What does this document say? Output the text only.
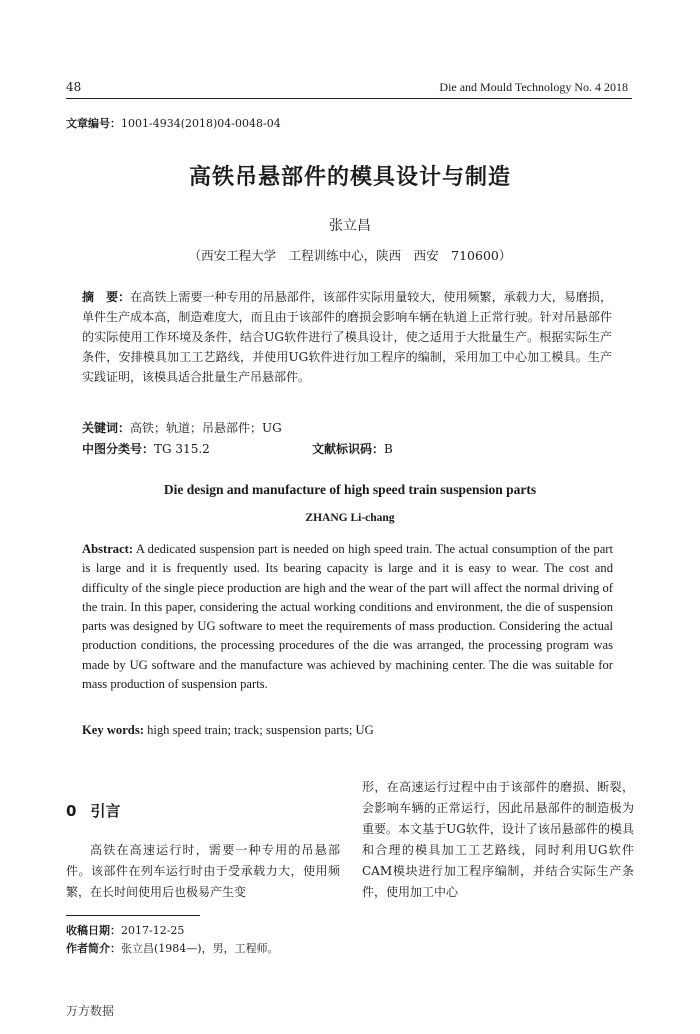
48	Die and Mould Technology No. 4 2018
文章编号：1001-4934(2018)04-0048-04
高铁吊悬部件的模具设计与制造
张立昌
（西安工程大学　工程训练中心，陕西　西安　710600）
摘　要：在高铁上需要一种专用的吊悬部件，该部件实际用量较大，使用频繁，承载力大，易磨损，单件生产成本高，制造难度大，而且由于该部件的磨损会影响车辆在轨道上正常行驶。针对吊悬部件的实际使用工作环境及条件，结合UG软件进行了模具设计，使之适用于大批量生产。根据实际生产条件，安排模具加工工艺路线，并使用UG软件进行加工程序的编制，采用加工中心加工模具。生产实践证明，该模具适合批量生产吊悬部件。
关键词：高铁；轨道；吊悬部件；UG
中图分类号：TG 315.2	文献标识码：B
Die design and manufacture of high speed train suspension parts
ZHANG Li-chang
Abstract: A dedicated suspension part is needed on high speed train. The actual consumption of the part is large and it is frequently used. Its bearing capacity is large and it is easy to wear. The cost and difficulty of the single piece production are high and the wear of the part will affect the normal driving of the train. In this paper, considering the actual working conditions and environment, the die of suspension parts was designed by UG software to meet the requirements of mass production. Considering the actual production conditions, the processing procedures of the die was arranged, the processing program was made by UG software and the manufacture was achieved by machining center. The die was suitable for mass production of suspension parts.
Key words: high speed train; track; suspension parts; UG
0 引言
高铁在高速运行时，需要一种专用的吊悬部件。该部件在列车运行时由于受承载力大，使用频繁，在长时间使用后也极易产生变
形，在高速运行过程中由于该部件的磨损、断裂，会影响车辆的正常运行，因此吊悬部件的制造极为重要。本文基于UG软件，设计了该吊悬部件的模具和合理的模具加工工艺路线，同时利用UG软件CAM模块进行加工程序编制，并结合实际生产条件，使用加工中心
收稿日期：2017-12-25
作者简介：张立昌(1984—)，男，工程师。
万方数据
